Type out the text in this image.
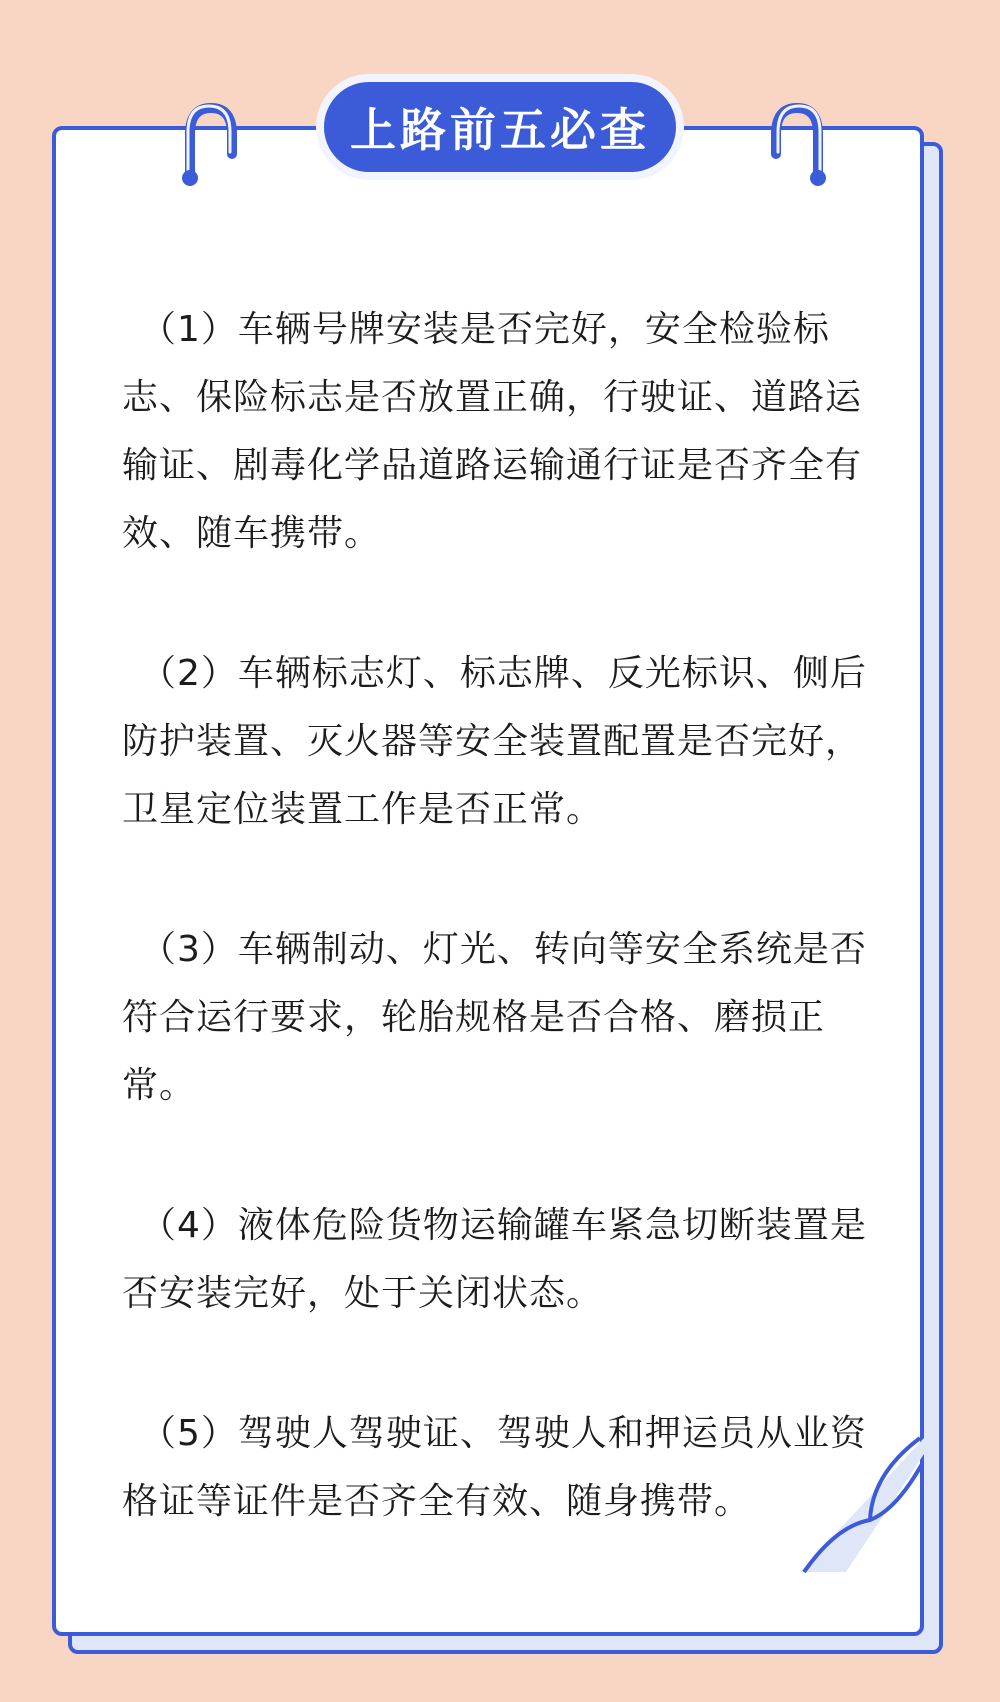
上路前五必查

（1）车辆号牌安装是否完好，安全检验标志、保险标志是否放置正确，行驶证、道路运输证、剧毒化学品道路运输通行证是否齐全有效、随车携带。

（2）车辆标志灯、标志牌、反光标识、侧后防护装置、灭火器等安全装置配置是否完好，卫星定位装置工作是否正常。

（3）车辆制动、灯光、转向等安全系统是否符合运行要求，轮胎规格是否合格、磨损正常。

（4）液体危险货物运输罐车紧急切断装置是否安装完好，处于关闭状态。

（5）驾驶人驾驶证、驾驶人和押运员从业资格证等证件是否齐全有效、随身携带。
